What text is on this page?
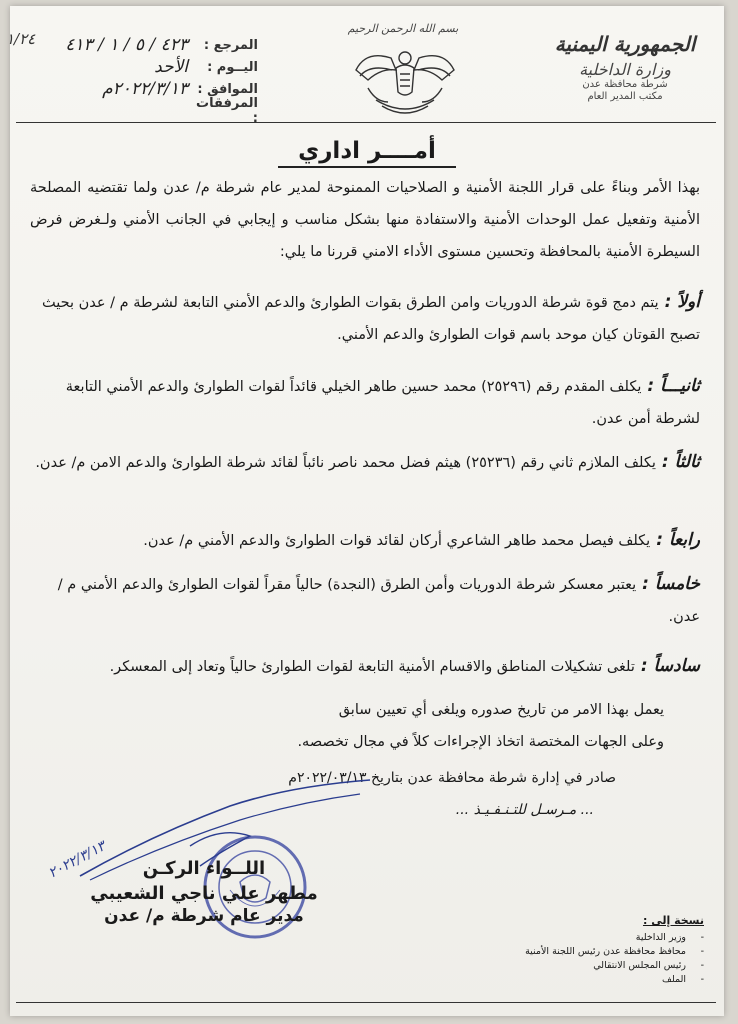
المرجع :
٤٢٣ / ٥ / ١ / ٤١٣
اليــوم :
الأحد
الموافق :
٢٠٢٢/٣/١٣م
المرفقات :
١/٢٤
بسم الله الرحمن الرحيم
الجمهورية اليمنية
وزارة الداخلية
شرطة محافظة عدن
مكتب المدير العام
أمــــر اداري
بهذا الأمر وبناءً على قرار اللجنة الأمنية و الصلاحيات الممنوحة لمدير عام شرطة م/ عدن ولما تقتضيه المصلحة الأمنية وتفعيل عمل الوحدات الأمنية والاستفادة منها بشكل مناسب و إيجابي في الجانب الأمني ولـغرض فرض السيطرة الأمنية بالمحافظة وتحسين مستوى الأداء الامني قررنا ما يلي:
أولاً :يتم دمج قوة شرطة الدوريات وامن الطرق بقوات الطوارئ والدعم الأمني التابعة لشرطة م / عدن بحيث تصبح القوتان كيان موحد باسم قوات الطوارئ والدعم الأمني.
ثانيـــاً :يكلف المقدم رقم (٢٥٢٩٦) محمد حسين طاهر الخيلي قائداً لقوات الطوارئ والدعم الأمني التابعة لشرطة أمن عدن.
ثالثاً :يكلف الملازم ثاني رقم (٢٥٢٣٦) هيثم فضل محمد ناصر نائباً لقائد شرطة الطوارئ والدعم الامن م/ عدن.
رابعاً :يكلف فيصل محمد طاهر الشاعري أركان لقائد قوات الطوارئ والدعم الأمني م/ عدن.
خامساً :يعتبر معسكر شرطة الدوريات وأمن الطرق (النجدة) حالياً مقراً لقوات الطوارئ والدعم الأمني م / عدن.
سادساً :تلغى تشكيلات المناطق والاقسام الأمنية التابعة لقوات الطوارئ حالياً وتعاد إلى المعسكر.
يعمل بهذا الامر من تاريخ صدوره ويلغى أي تعيين سابق
وعلى الجهات المختصة اتخاذ الإجراءات كلاً في مجال تخصصه.
صادر في إدارة شرطة محافظة عدن بتاريخ ٢٠٢٢/٠٣/١٣م
... مـرسـل للتـنـفـيـذ ...
٢٠٢٢/٣/١٣	اللــواء الركـن
مطهر علي ناجي الشعيبي
مدير عام شرطة م/ عدن	نسخة إلى :
-
وزير الداخلية
-
محافظ محافظة عدن رئيس اللجنة الأمنية
-
رئيس المجلس الانتقالي
-
الملف
